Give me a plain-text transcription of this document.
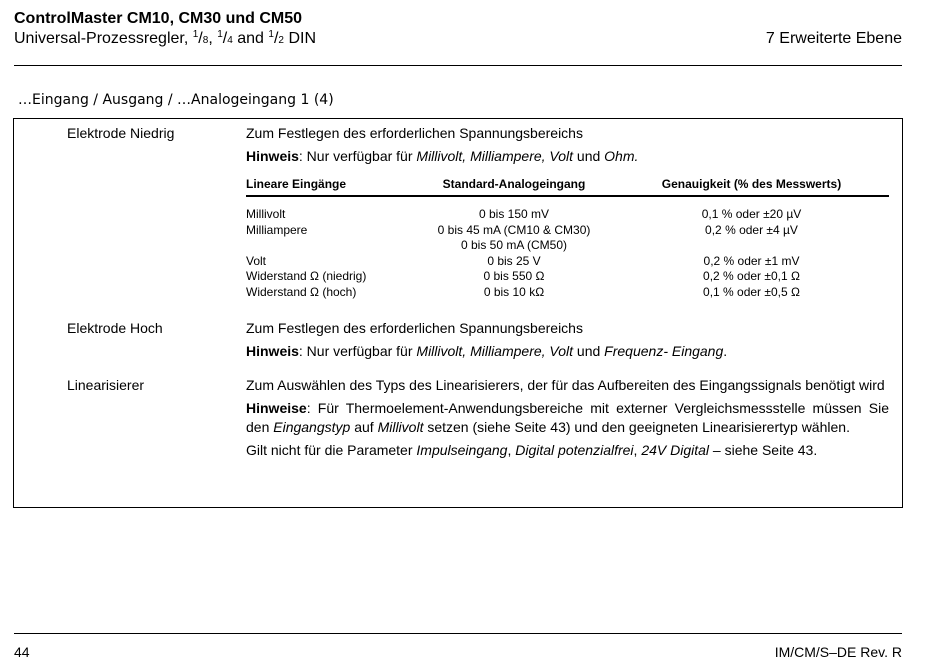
ControlMaster CM10, CM30 und CM50
Universal-Prozessregler, $^1$/8, $^1$/4 and $^1$/2 DIN	7 Erweiterte Ebene
…Eingang / Ausgang / …Analogeingang 1 (4)
Elektrode Niedrig	Zum Festlegen des erforderlichen Spannungsbereichs

Hinweis: Nur verfügbar für Millivolt, Milliampere, Volt und Ohm.

Lineare Eingänge	Standard-Analogeingang	Genauigkeit (% des Messwerts)
Millivolt	0 bis 150 mV	0,1 % oder ±20 µV
Milliampere	0 bis 45 mA (CM10 & CM30)	0,2 % oder ±4 µV
	0 bis 50 mA (CM50)	
Volt	0 bis 25 V	0,2 % oder ±1 mV
Widerstand Ω (niedrig)	0 bis 550 Ω	0,2 % oder ±0,1 Ω
Widerstand Ω (hoch)	0 bis 10 kΩ	0,1 % oder ±0,5 Ω
Elektrode Hoch	Zum Festlegen des erforderlichen Spannungsbereichs

Hinweis: Nur verfügbar für Millivolt, Milliampere, Volt und Frequenz- Eingang.

Linearisierer	Zum Auswählen des Typs des Linearisierers, der für das Aufbereiten des Eingangssignals benötigt wird

Hinweise: Für Thermoelement-Anwendungsbereiche mit externer Vergleichsmessstelle müssen Sie den Eingangstyp auf Millivolt setzen (siehe Seite 43) und den geeigneten Linearisierertyp wählen.

Gilt nicht für die Parameter Impulseingang, Digital potenzialfrei, 24V Digital – siehe Seite 43.

44	IM/CM/S–DE Rev. R
